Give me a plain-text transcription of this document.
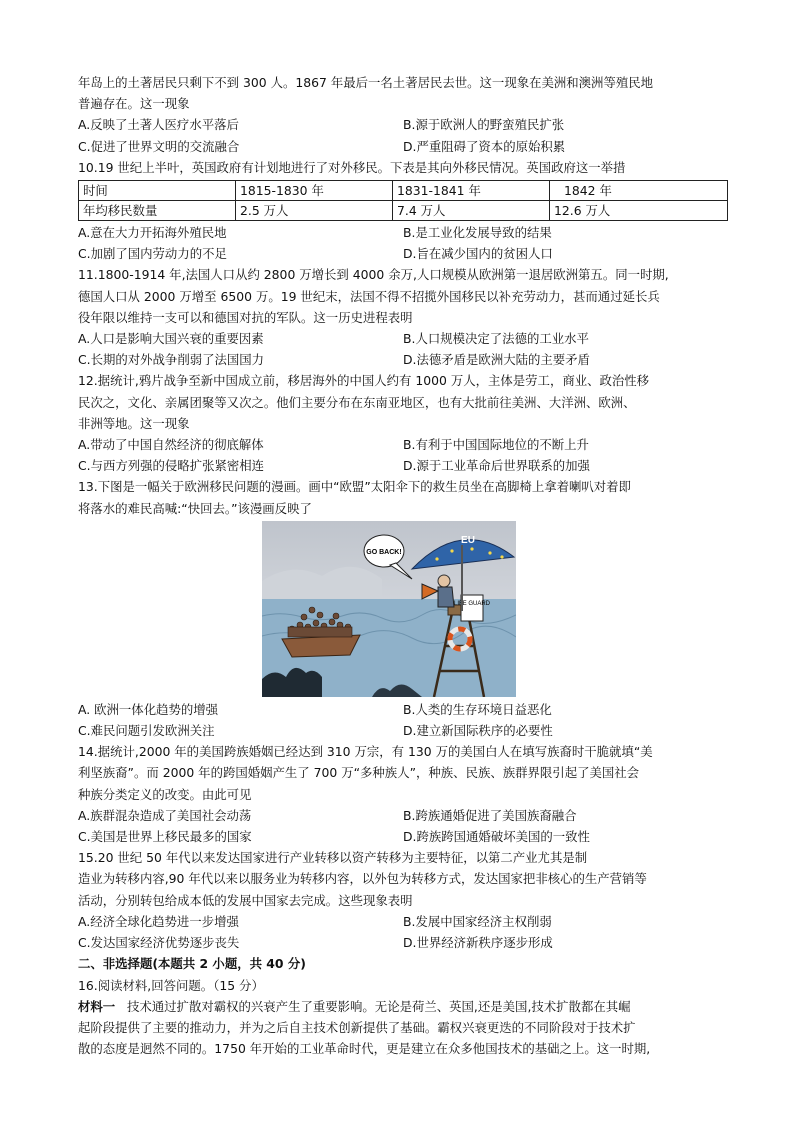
年岛上的土著居民只剩下不到 300 人。1867 年最后一名土著居民去世。这一现象在美洲和澳洲等殖民地

普遍存在。这一现象

A.反映了土著人医疗水平落后	B.源于欧洲人的野蛮殖民扩张
C.促进了世界文明的交流融合	D.严重阻碍了资本的原始积累

10.19 世纪上半叶，英国政府有计划地进行了对外移民。下表是其向外移民情况。英国政府这一举措

时间	1815-1830 年	1831-1841 年	1842 年
年均移民数量	2.5 万人	7.4 万人	12.6 万人
A.意在大力开拓海外殖民地	B.是工业化发展导致的结果
C.加剧了国内劳动力的不足	D.旨在减少国内的贫困人口

11.1800-1914 年,法国人口从约 2800 万增长到 4000 余万,人口规模从欧洲第一退居欧洲第五。同一时期,

德国人口从 2000 万增至 6500 万。19 世纪末，法国不得不招揽外国移民以补充劳动力，甚而通过延长兵

役年限以维持一支可以和德国对抗的军队。这一历史进程表明

A.人口是影响大国兴衰的重要因素	B.人口规模决定了法德的工业水平
C.长期的对外战争削弱了法国国力	D.法德矛盾是欧洲大陆的主要矛盾

12.据统计,鸦片战争至新中国成立前，移居海外的中国人约有 1000 万人，主体是劳工，商业、政治性移

民次之，文化、亲属团聚等又次之。他们主要分布在东南亚地区，也有大批前往美洲、大洋洲、欧洲、

非洲等地。这一现象

A.带动了中国自然经济的彻底解体	B.有利于中国国际地位的不断上升
C.与西方列强的侵略扩张紧密相连	D.源于工业革命后世界联系的加强

13.下图是一幅关于欧洲移民问题的漫画。画中“欧盟”太阳伞下的救生员坐在高脚椅上拿着喇叭对着即

将落水的难民高喊:“快回去。”该漫画反映了

LIFE GUARD
EU
GO BACK!
A. 欧洲一体化趋势的增强	B.人类的生存环境日益恶化
C.难民问题引发欧洲关注	D.建立新国际秩序的必要性

14.据统计,2000 年的美国跨族婚姻已经达到 310 万宗，有 130 万的美国白人在填写族裔时干脆就填“美

利坚族裔”。而 2000 年的跨国婚姻产生了 700 万“多种族人”，种族、民族、族群界限引起了美国社会

种族分类定义的改变。由此可见

A.族群混杂造成了美国社会动荡	B.跨族通婚促进了美国族裔融合
C.美国是世界上移民最多的国家	D.跨族跨国通婚破坏美国的一致性

15.20 世纪 50 年代以来发达国家进行产业转移以资产转移为主要特征，以第二产业尤其是制

造业为转移内容,90 年代以来以服务业为转移内容，以外包为转移方式，发达国家把非核心的生产营销等

活动，分别转包给成本低的发展中国家去完成。这些现象表明

A.经济全球化趋势进一步增强	B.发展中国家经济主权削弱
C.发达国家经济优势逐步丧失	D.世界经济新秩序逐步形成

二、非选择题(本题共 2 小题，共 40 分)

16.阅读材料,回答问题。（15 分）

材料一 技术通过扩散对霸权的兴衰产生了重要影响。无论是荷兰、英国,还是美国,技术扩散都在其崛

起阶段提供了主要的推动力，并为之后自主技术创新提供了基础。霸权兴衰更迭的不同阶段对于技术扩

散的态度是迥然不同的。1750 年开始的工业革命时代，更是建立在众多他国技术的基础之上。这一时期,
